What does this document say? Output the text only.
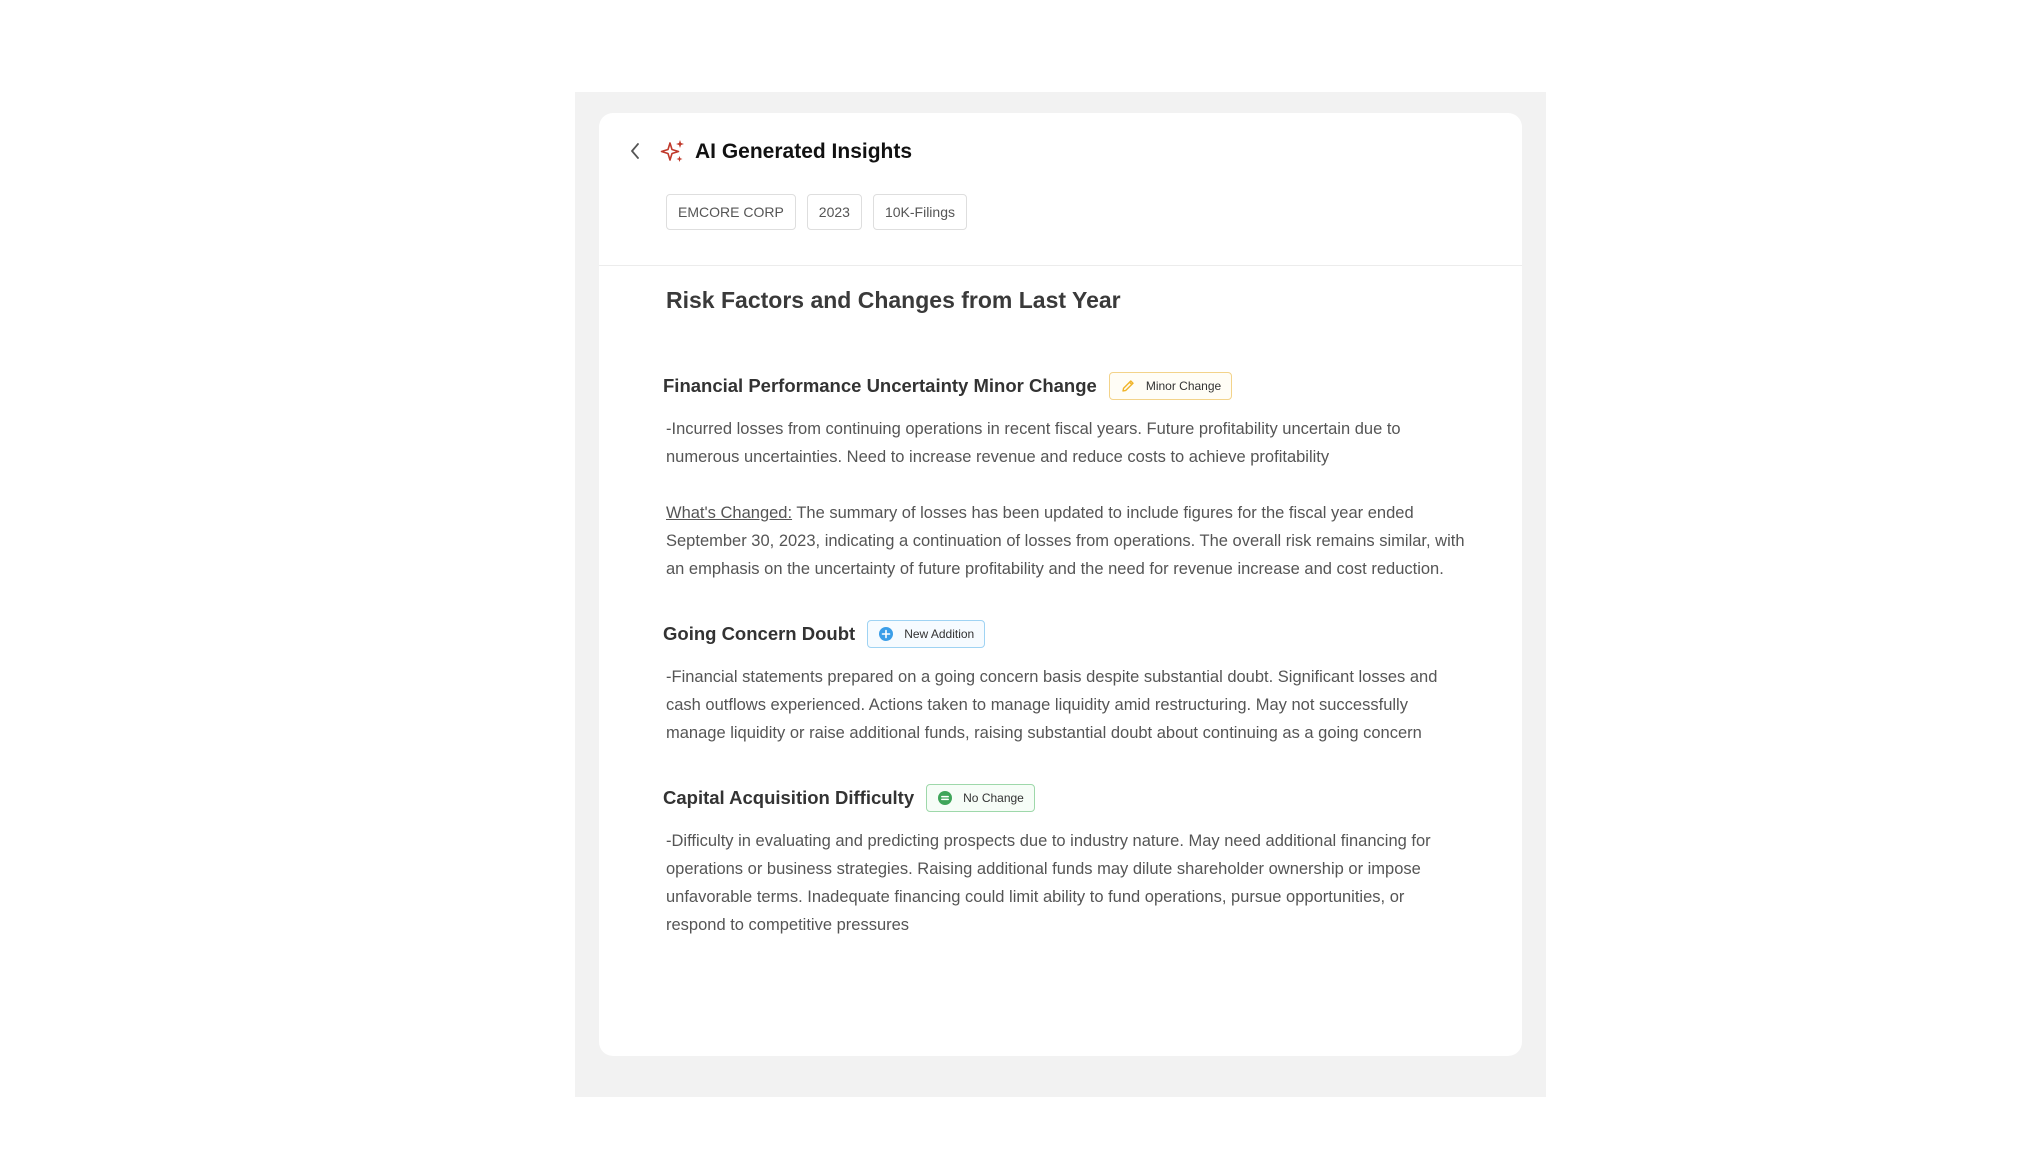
AI Generated Insights
EMCORE CORP	2023	10K-Filings
Risk Factors and Changes from Last Year
Financial Performance Uncertainty Minor Change	Minor Change

-Incurred losses from continuing operations in recent fiscal years. Future profitability uncertain due to numerous uncertainties. Need to increase revenue and reduce costs to achieve profitability

What's Changed: The summary of losses has been updated to include figures for the fiscal year ended September 30, 2023, indicating a continuation of losses from operations. The overall risk remains similar, with an emphasis on the uncertainty of future profitability and the need for revenue increase and cost reduction.

Going Concern Doubt	New Addition

-Financial statements prepared on a going concern basis despite substantial doubt. Significant losses and cash outflows experienced. Actions taken to manage liquidity amid restructuring. May not successfully manage liquidity or raise additional funds, raising substantial doubt about continuing as a going concern

Capital Acquisition Difficulty	No Change

-Difficulty in evaluating and predicting prospects due to industry nature. May need additional financing for operations or business strategies. Raising additional funds may dilute shareholder ownership or impose unfavorable terms. Inadequate financing could limit ability to fund operations, pursue opportunities, or respond to competitive pressures
